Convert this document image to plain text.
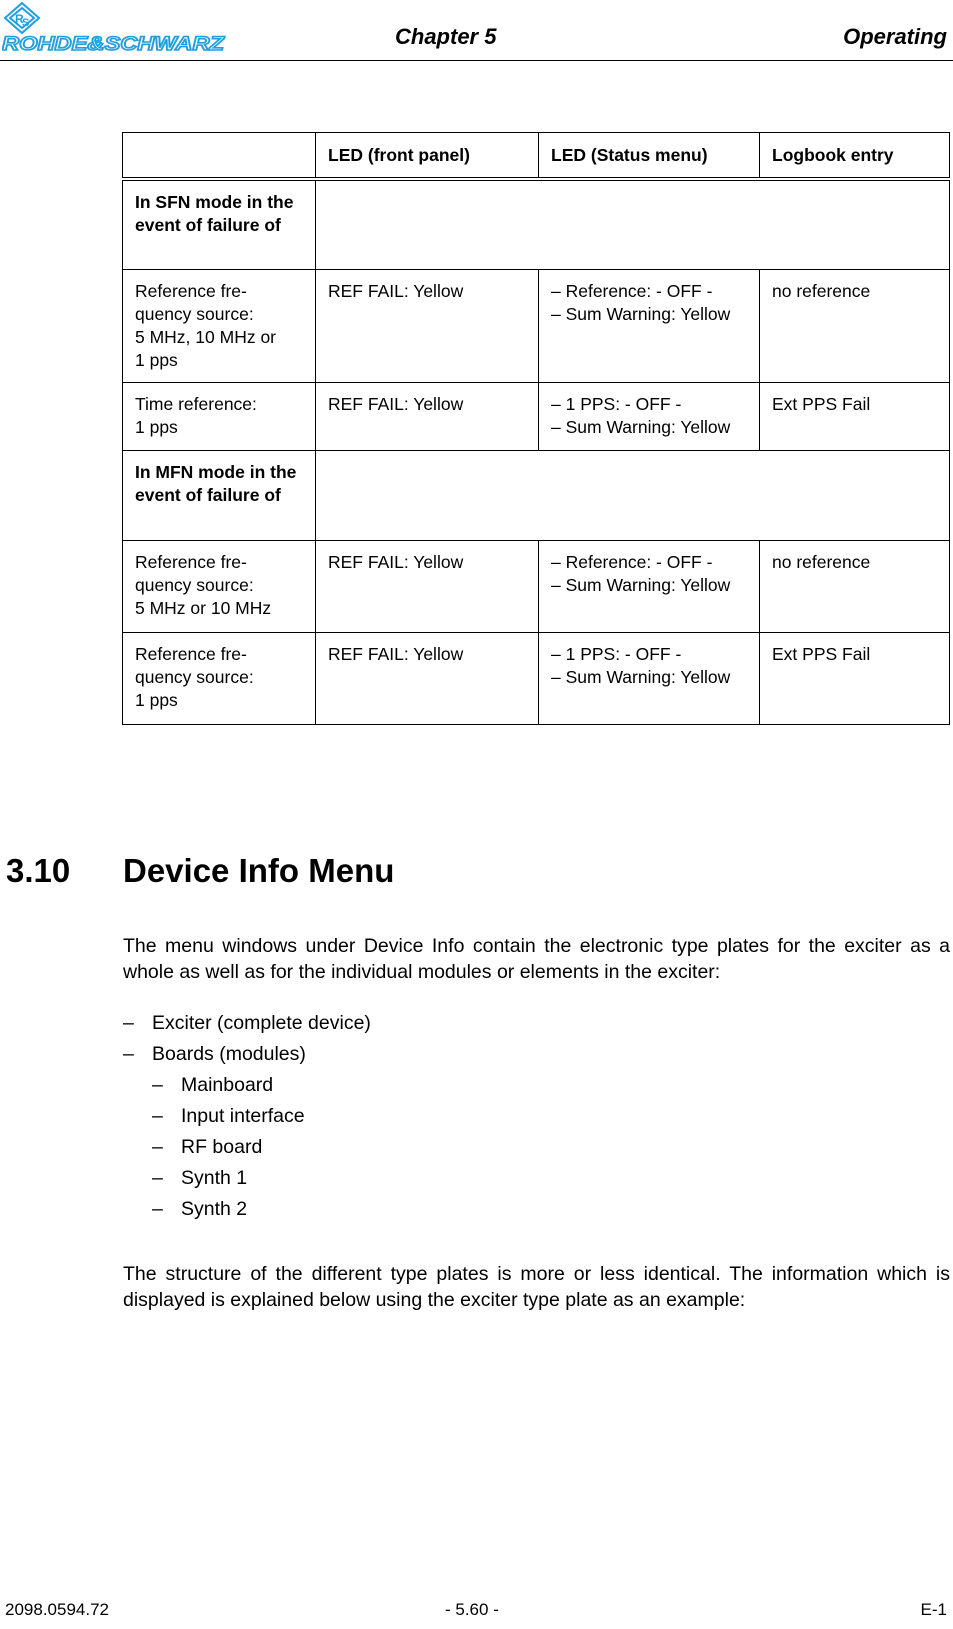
R
S
ROHDE&SCHWARZ	Chapter 5	Operating
	LED (front panel)	LED (Status menu)	Logbook entry
In SFN mode in the event of failure of			

Reference fre-
quency source:
5 MHz, 10 MHz or
1 pps	REF FAIL: Yellow	– Reference: - OFF -
– Sum Warning: Yellow	no reference

Time reference:
1 pps	REF FAIL: Yellow	– 1 PPS: - OFF -
– Sum Warning: Yellow	Ext PPS Fail
In MFN mode in the event of failure of			

Reference fre-
quency source:
5 MHz or 10 MHz	REF FAIL: Yellow	– Reference: - OFF -
– Sum Warning: Yellow	no reference

Reference fre-
quency source:
1 pps	REF FAIL: Yellow	– 1 PPS: - OFF -
– Sum Warning: Yellow	Ext PPS Fail
3.10 Device Info Menu
The menu windows under Device Info contain the electronic type plates for the exciter as a whole as well as for the individual modules or elements in the exciter:
– Exciter (complete device)
– Boards (modules)
– Mainboard
– Input interface
– RF board
– Synth 1
– Synth 2
The structure of the different type plates is more or less identical. The information which is displayed is explained below using the exciter type plate as an example:
2098.0594.72	- 5.60 -	E-1
